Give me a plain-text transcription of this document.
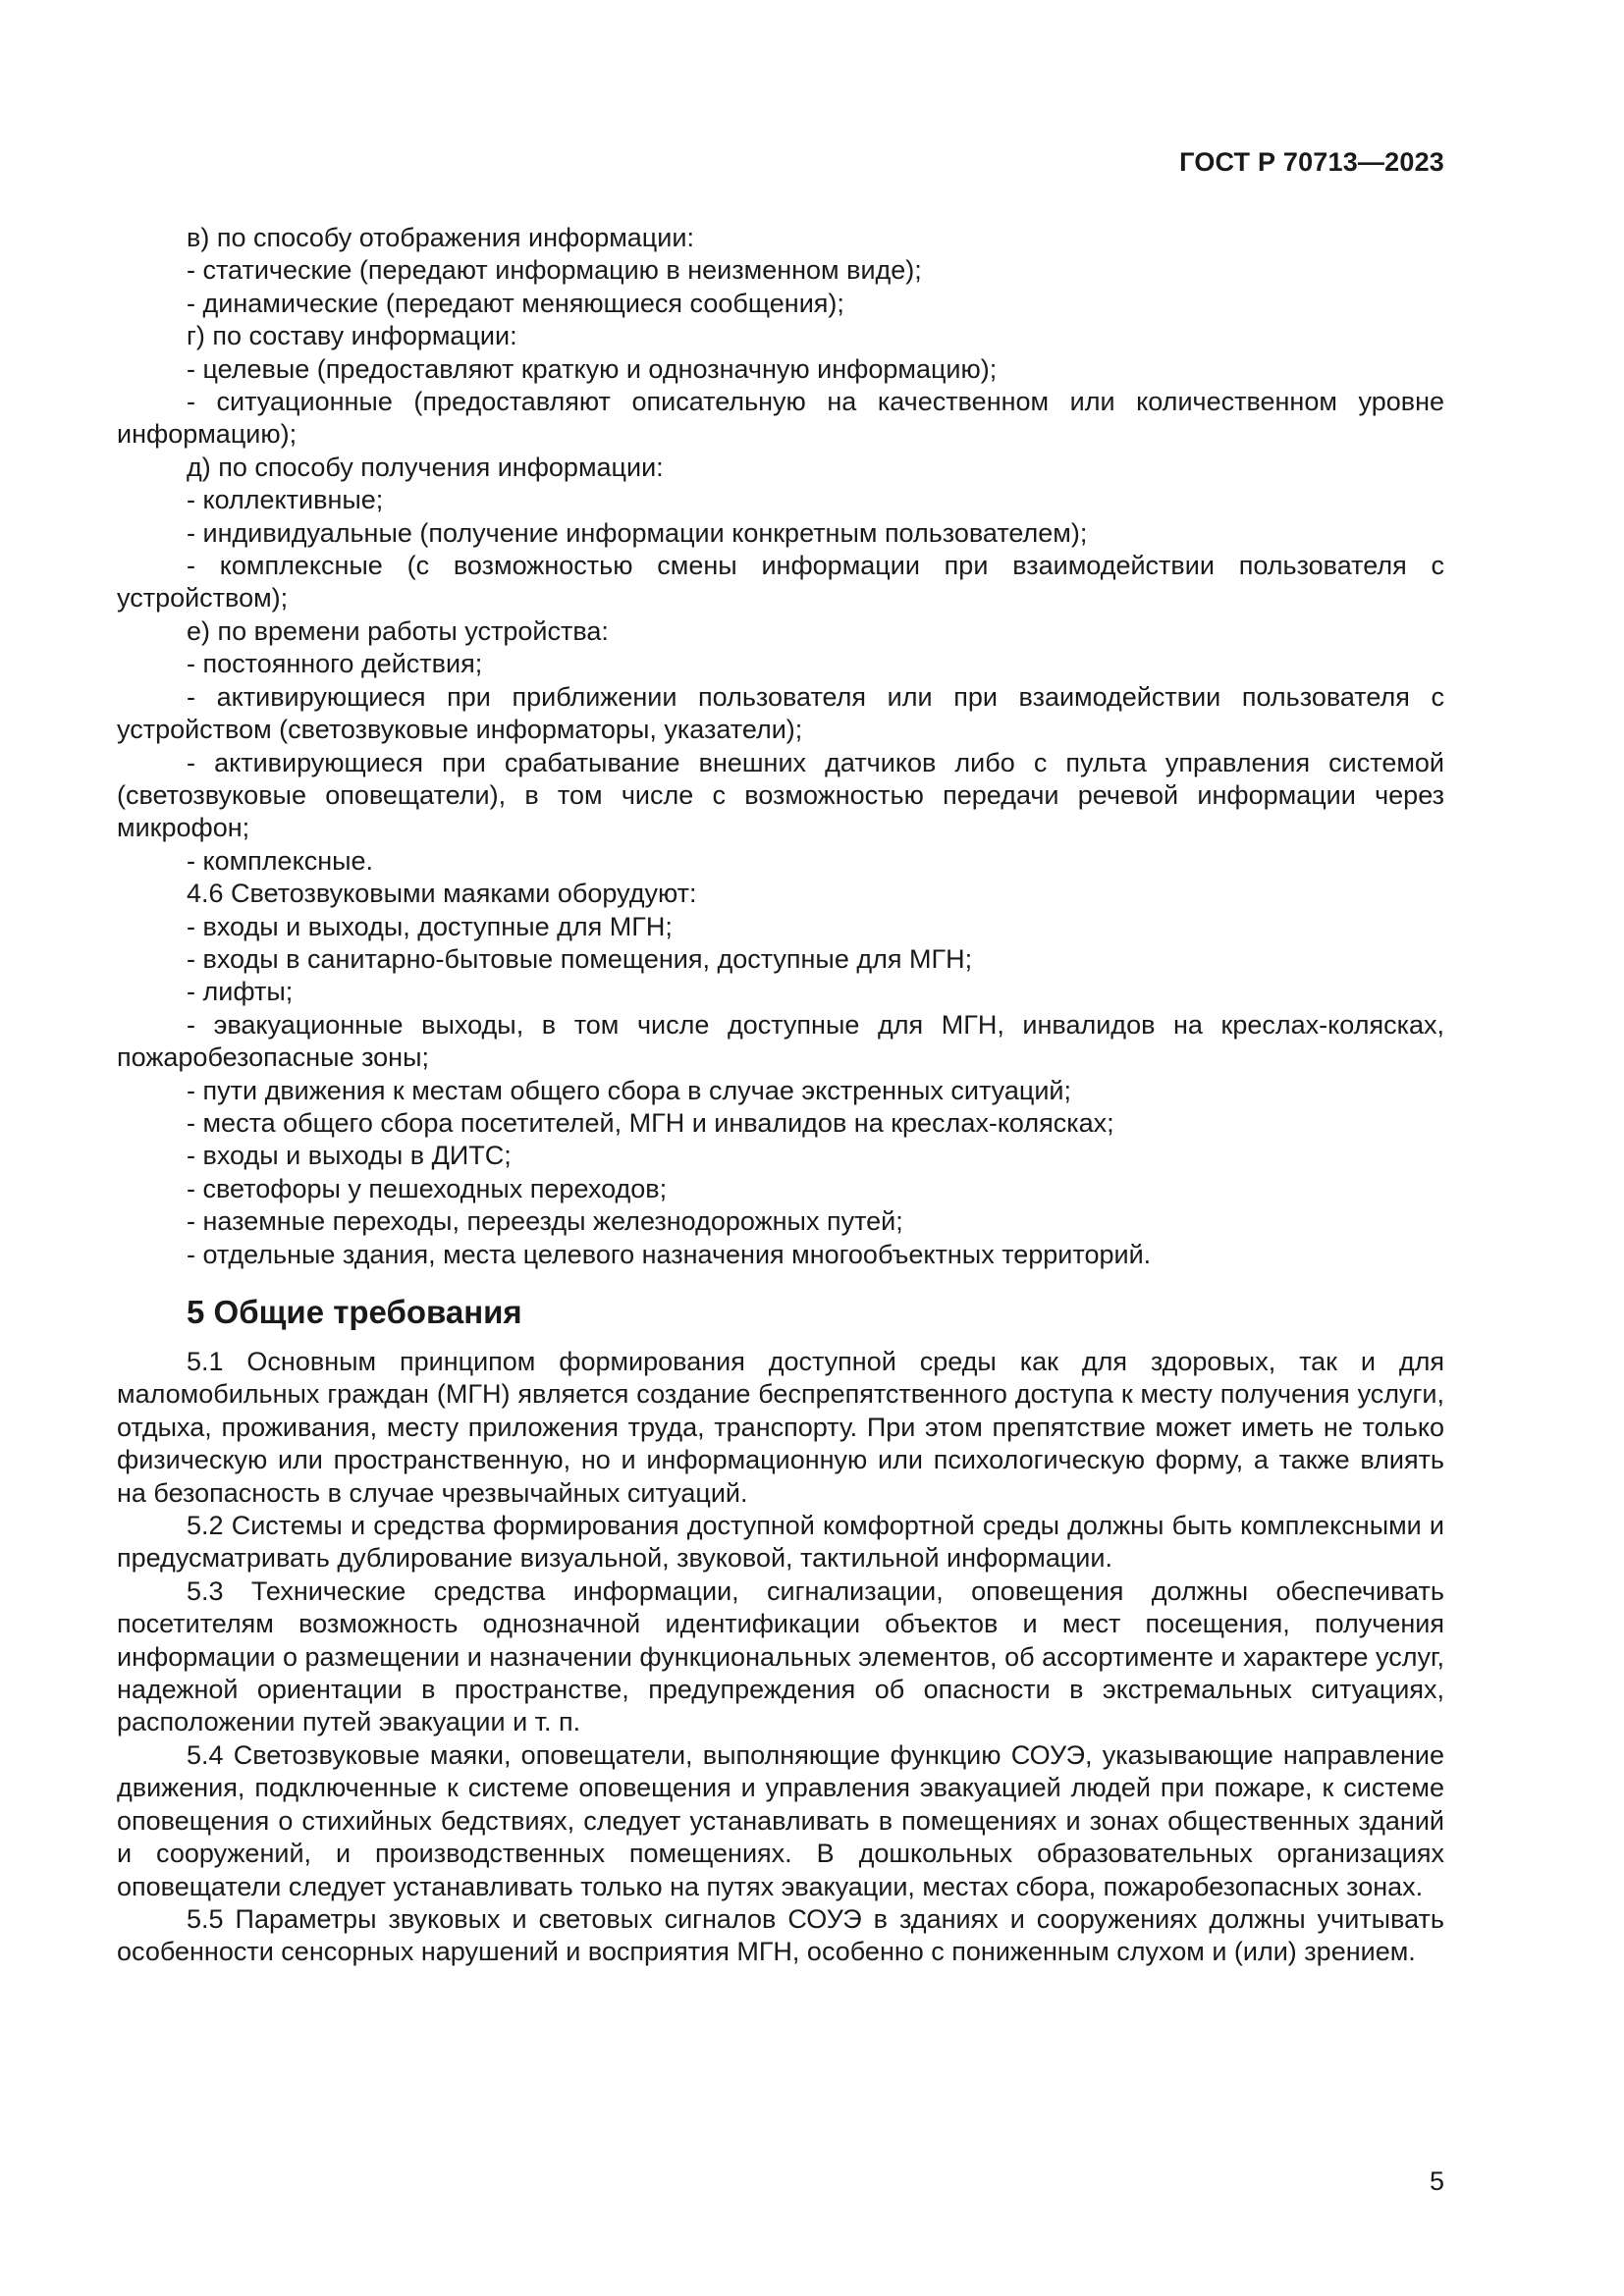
ГОСТ Р 70713—2023

в) по способу отображения информации:

- статические (передают информацию в неизменном виде);

- динамические (передают меняющиеся сообщения);

г) по составу информации:

- целевые (предоставляют краткую и однозначную информацию);

- ситуационные (предоставляют описательную на качественном или количественном уровне информацию);

д) по способу получения информации:

- коллективные;

- индивидуальные (получение информации конкретным пользователем);

- комплексные (с возможностью смены информации при взаимодействии пользователя с устройством);

е) по времени работы устройства:

- постоянного действия;

- активирующиеся при приближении пользователя или при взаимодействии пользователя с устройством (светозвуковые информаторы, указатели);

- активирующиеся при срабатывание внешних датчиков либо с пульта управления системой (светозвуковые оповещатели), в том числе с возможностью передачи речевой информации через микрофон;

- комплексные.

4.6 Светозвуковыми маяками оборудуют:

- входы и выходы, доступные для МГН;

- входы в санитарно-бытовые помещения, доступные для МГН;

- лифты;

- эвакуационные выходы, в том числе доступные для МГН, инвалидов на креслах-колясках, пожаробезопасные зоны;

- пути движения к местам общего сбора в случае экстренных ситуаций;

- места общего сбора посетителей, МГН и инвалидов на креслах-колясках;

- входы и выходы в ДИТС;

- светофоры у пешеходных переходов;

- наземные переходы, переезды железнодорожных путей;

- отдельные здания, места целевого назначения многообъектных территорий.

5 Общие требования

5.1 Основным принципом формирования доступной среды как для здоровых, так и для маломобильных граждан (МГН) является создание беспрепятственного доступа к месту получения услуги, отдыха, проживания, месту приложения труда, транспорту. При этом препятствие может иметь не только физическую или пространственную, но и информационную или психологическую форму, а также влиять на безопасность в случае чрезвычайных ситуаций.

5.2 Системы и средства формирования доступной комфортной среды должны быть комплексными и предусматривать дублирование визуальной, звуковой, тактильной информации.

5.3 Технические средства информации, сигнализации, оповещения должны обеспечивать посетителям возможность однозначной идентификации объектов и мест посещения, получения информации о размещении и назначении функциональных элементов, об ассортименте и характере услуг, надежной ориентации в пространстве, предупреждения об опасности в экстремальных ситуациях, расположении путей эвакуации и т. п.

5.4 Светозвуковые маяки, оповещатели, выполняющие функцию СОУЭ, указывающие направление движения, подключенные к системе оповещения и управления эвакуацией людей при пожаре, к системе оповещения о стихийных бедствиях, следует устанавливать в помещениях и зонах общественных зданий и сооружений, и производственных помещениях. В дошкольных образовательных организациях оповещатели следует устанавливать только на путях эвакуации, местах сбора, пожаробезопасных зонах.

5.5 Параметры звуковых и световых сигналов СОУЭ в зданиях и сооружениях должны учитывать особенности сенсорных нарушений и восприятия МГН, особенно с пониженным слухом и (или) зрением.

5
